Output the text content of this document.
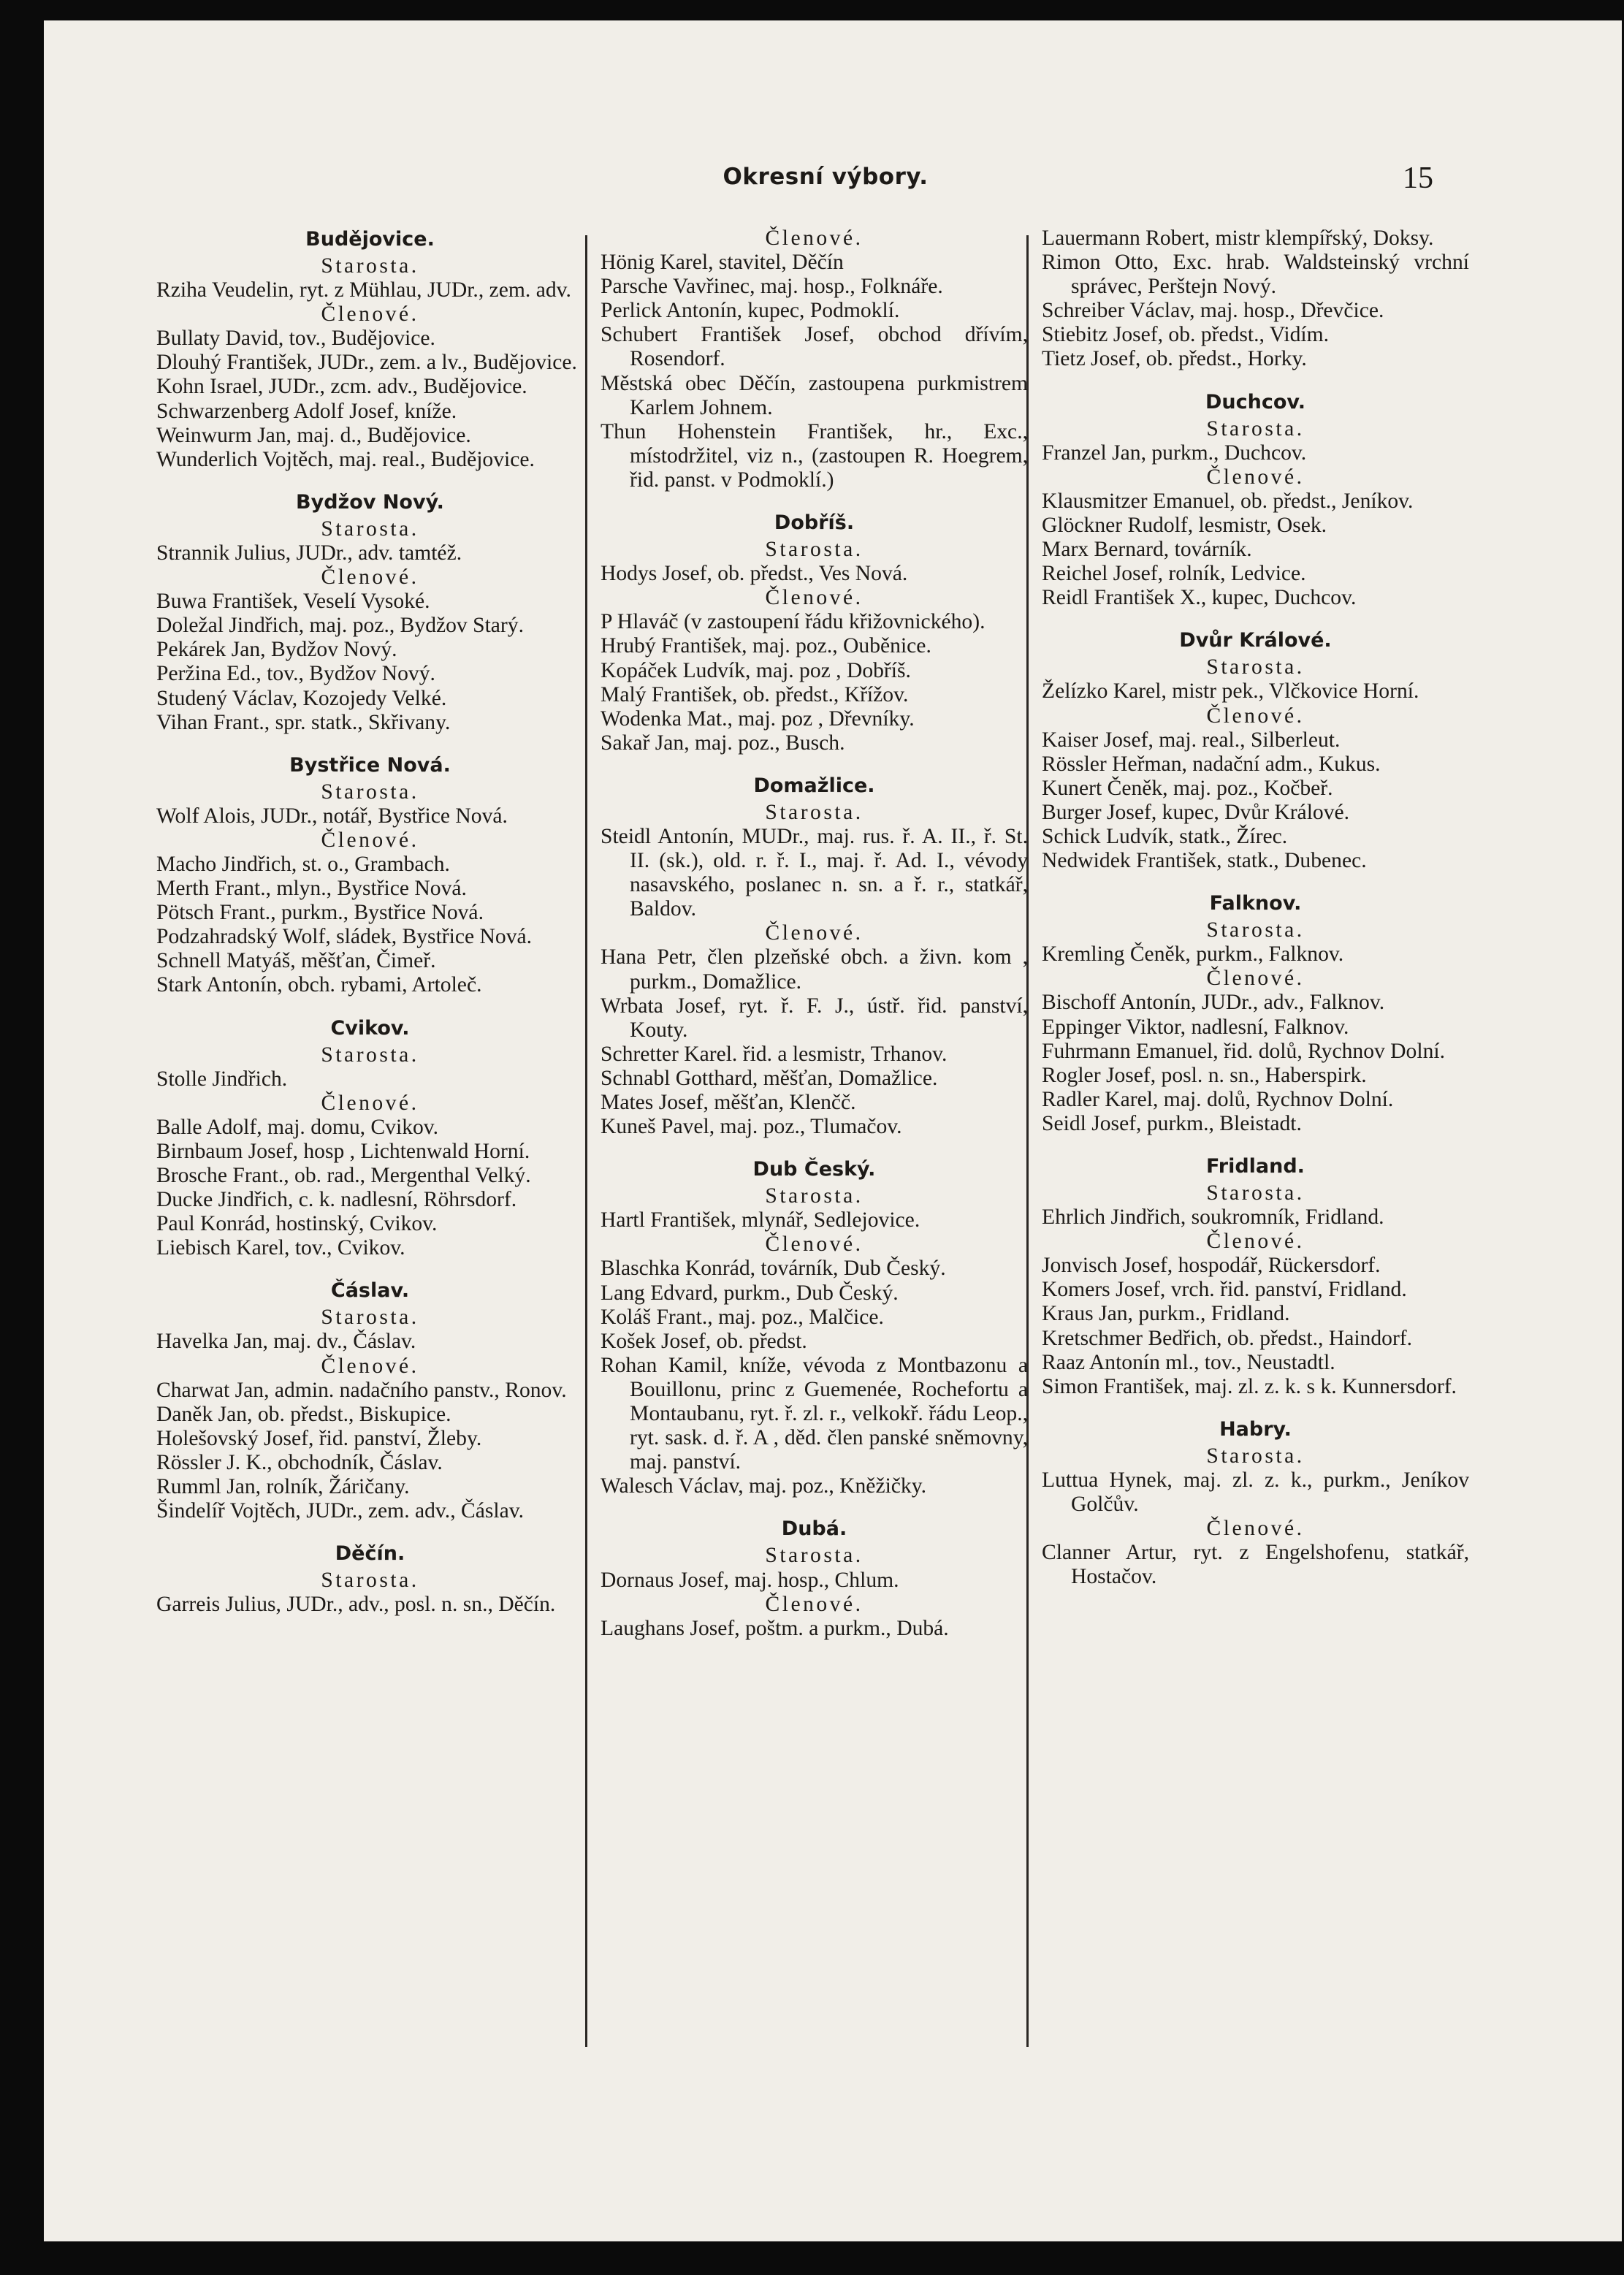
Okresní výbory.	15
Budějovice.
Starosta.

Rziha Veudelin, ryt. z Mühlau, JUDr., zem. adv.

Členové.

Bullaty David, tov., Budějovice.

Dlouhý František, JUDr., zem. a lv., Budějovice.

Kohn Israel, JUDr., zcm. adv., Budějovice.

Schwarzenberg Adolf Josef, kníže.

Weinwurm Jan, maj. d., Budějovice.

Wunderlich Vojtěch, maj. real., Budějovice.

Bydžov Nový.
Starosta.

Strannik Julius, JUDr., adv. tamtéž.

Členové.

Buwa František, Veselí Vysoké.

Doležal Jindřich, maj. poz., Bydžov Starý.

Pekárek Jan, Bydžov Nový.

Peržina Ed., tov., Bydžov Nový.

Studený Václav, Kozojedy Velké.

Vihan Frant., spr. statk., Skřivany.

Bystřice Nová.
Starosta.

Wolf Alois, JUDr., notář, Bystřice Nová.

Členové.

Macho Jindřich, st. o., Grambach.

Merth Frant., mlyn., Bystřice Nová.

Pötsch Frant., purkm., Bystřice Nová.

Podzahradský Wolf, sládek, Bystřice Nová.

Schnell Matyáš, měšťan, Čimeř.

Stark Antonín, obch. rybami, Artoleč.

Cvikov.
Starosta.

Stolle Jindřich.

Členové.

Balle Adolf, maj. domu, Cvikov.

Birnbaum Josef, hosp , Lichtenwald Horní.

Brosche Frant., ob. rad., Mergenthal Velký.

Ducke Jindřich, c. k. nadlesní, Röhrsdorf.

Paul Konrád, hostinský, Cvikov.

Liebisch Karel, tov., Cvikov.

Čáslav.
Starosta.

Havelka Jan, maj. dv., Čáslav.

Členové.

Charwat Jan, admin. nadačního panstv., Ronov.

Daněk Jan, ob. předst., Biskupice.

Holešovský Josef, řid. panství, Žleby.

Rössler J. K., obchodník, Čáslav.

Rumml Jan, rolník, Žáričany.

Šindelíř Vojtěch, JUDr., zem. adv., Čáslav.

Děčín.
Starosta.

Garreis Julius, JUDr., adv., posl. n. sn., Děčín.

Členové.

Hönig Karel, stavitel, Děčín

Parsche Vavřinec, maj. hosp., Folknáře.

Perlick Antonín, kupec, Podmoklí.

Schubert František Josef, obchod dřívím, Rosendorf.

Městská obec Děčín, zastoupena purkmistrem Karlem Johnem.

Thun Hohenstein František, hr., Exc., místodržitel, viz n., (zastoupen R. Hoegrem, řid. panst. v Podmoklí.)

Dobříš.
Starosta.

Hodys Josef, ob. předst., Ves Nová.

Členové.

P Hlaváč (v zastoupení řádu křižovnického).

Hrubý František, maj. poz., Ouběnice.

Kopáček Ludvík, maj. poz , Dobříš.

Malý František, ob. předst., Křížov.

Wodenka Mat., maj. poz , Dřevníky.

Sakař Jan, maj. poz., Busch.

Domažlice.
Starosta.

Steidl Antonín, MUDr., maj. rus. ř. A. II., ř. St. II. (sk.), old. r. ř. I., maj. ř. Ad. I., vévody nasavského, poslanec n. sn. a ř. r., statkář, Baldov.

Členové.

Hana Petr, člen plzeňské obch. a živn. kom , purkm., Domažlice.

Wrbata Josef, ryt. ř. F. J., ústř. řid. panství, Kouty.

Schretter Karel. řid. a lesmistr, Trhanov.

Schnabl Gotthard, měšťan, Domažlice.

Mates Josef, měšťan, Klenčč.

Kuneš Pavel, maj. poz., Tlumačov.

Dub Český.
Starosta.

Hartl František, mlynář, Sedlejovice.

Členové.

Blaschka Konrád, továrník, Dub Český.

Lang Edvard, purkm., Dub Český.

Koláš Frant., maj. poz., Malčice.

Košek Josef, ob. předst.

Rohan Kamil, kníže, vévoda z Montbazonu a Bouillonu, princ z Guemenée, Rochefortu a Montaubanu, ryt. ř. zl. r., velkokř. řádu Leop., ryt. sask. d. ř. A , děd. člen panské sněmovny, maj. panství.

Walesch Václav, maj. poz., Kněžičky.

Dubá.
Starosta.

Dornaus Josef, maj. hosp., Chlum.

Členové.

Laughans Josef, poštm. a purkm., Dubá.

Lauermann Robert, mistr klempířský, Doksy.

Rimon Otto, Exc. hrab. Waldsteinský vrchní správec, Perštejn Nový.

Schreiber Václav, maj. hosp., Dřevčice.

Stiebitz Josef, ob. předst., Vidím.

Tietz Josef, ob. předst., Horky.

Duchcov.
Starosta.

Franzel Jan, purkm., Duchcov.

Členové.

Klausmitzer Emanuel, ob. předst., Jeníkov.

Glöckner Rudolf, lesmistr, Osek.

Marx Bernard, továrník.

Reichel Josef, rolník, Ledvice.

Reidl František X., kupec, Duchcov.

Dvůr Králové.
Starosta.

Želízko Karel, mistr pek., Vlčkovice Horní.

Členové.

Kaiser Josef, maj. real., Silberleut.

Rössler Heřman, nadační adm., Kukus.

Kunert Čeněk, maj. poz., Kočbeř.

Burger Josef, kupec, Dvůr Králové.

Schick Ludvík, statk., Žírec.

Nedwidek František, statk., Dubenec.

Falknov.
Starosta.

Kremling Čeněk, purkm., Falknov.

Členové.

Bischoff Antonín, JUDr., adv., Falknov.

Eppinger Viktor, nadlesní, Falknov.

Fuhrmann Emanuel, řid. dolů, Rychnov Dolní.

Rogler Josef, posl. n. sn., Haberspirk.

Radler Karel, maj. dolů, Rychnov Dolní.

Seidl Josef, purkm., Bleistadt.

Fridland.
Starosta.

Ehrlich Jindřich, soukromník, Fridland.

Členové.

Jonvisch Josef, hospodář, Rückersdorf.

Komers Josef, vrch. řid. panství, Fridland.

Kraus Jan, purkm., Fridland.

Kretschmer Bedřich, ob. předst., Haindorf.

Raaz Antonín ml., tov., Neustadtl.

Simon František, maj. zl. z. k. s k. Kunnersdorf.

Habry.
Starosta.

Luttua Hynek, maj. zl. z. k., purkm., Jeníkov Golčův.

Členové.

Clanner Artur, ryt. z Engelshofenu, statkář, Hostačov.
